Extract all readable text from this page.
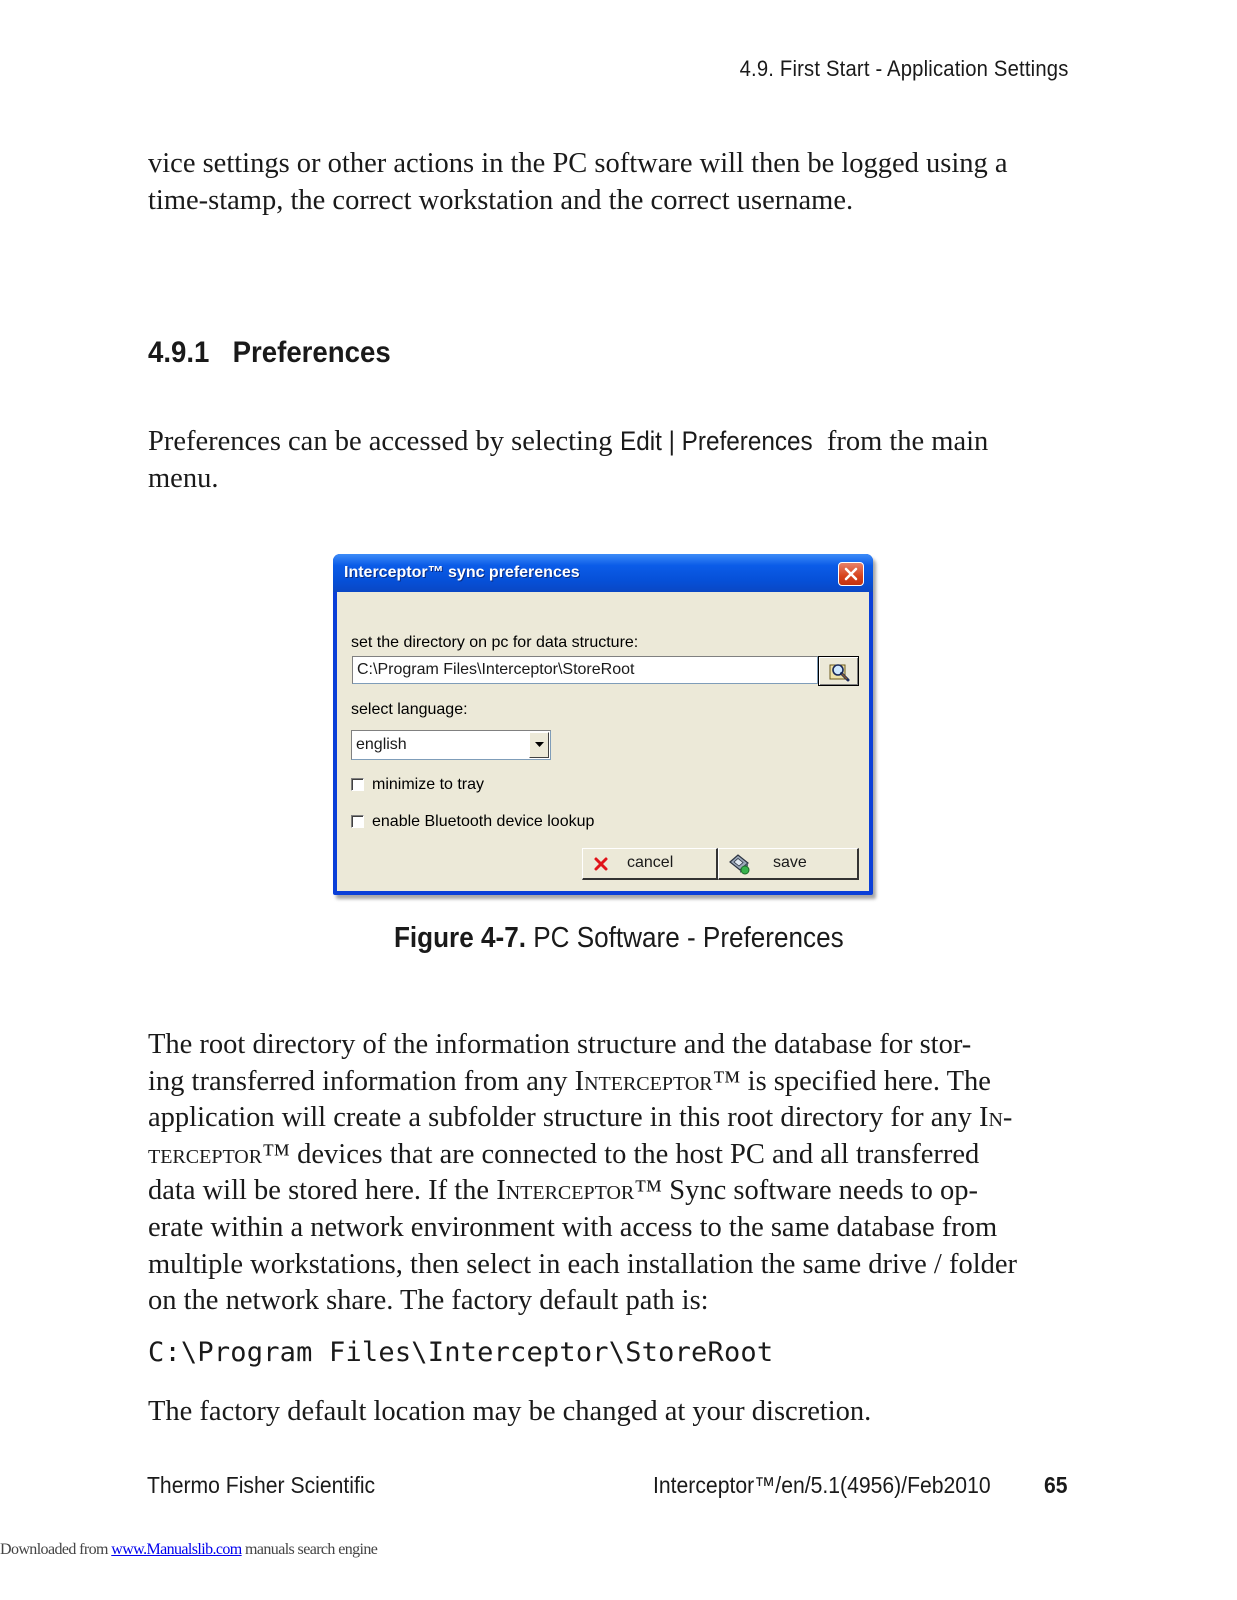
4.9. First Start - Application Settings
vice settings or other actions in the PC software will then be logged using a
time-stamp, the correct workstation and the correct username.
4.9.1 Preferences
Preferences can be accessed by selecting Edit | Preferences from the main
menu.
Interceptor™ sync preferences
set the directory on pc for data structure:
C:\Program Files\Interceptor\StoreRoot
select language:
english
minimize to tray
enable Bluetooth device lookup
cancel	save
Figure 4-7. PC Software - Preferences
The root directory of the information structure and the database for stor-
ing transferred information from any Interceptor™ is specified here. The
application will create a subfolder structure in this root directory for any In-
terceptor™ devices that are connected to the host PC and all transferred
data will be stored here. If the Interceptor™ Sync software needs to op-
erate within a network environment with access to the same database from
multiple workstations, then select in each installation the same drive / folder
on the network share. The factory default path is:
C:\Program Files\Interceptor\StoreRoot
The factory default location may be changed at your discretion.
Thermo Fisher Scientific	Interceptor™/en/5.1(4956)/Feb2010 65
Downloaded from www.Manualslib.com manuals search engine
